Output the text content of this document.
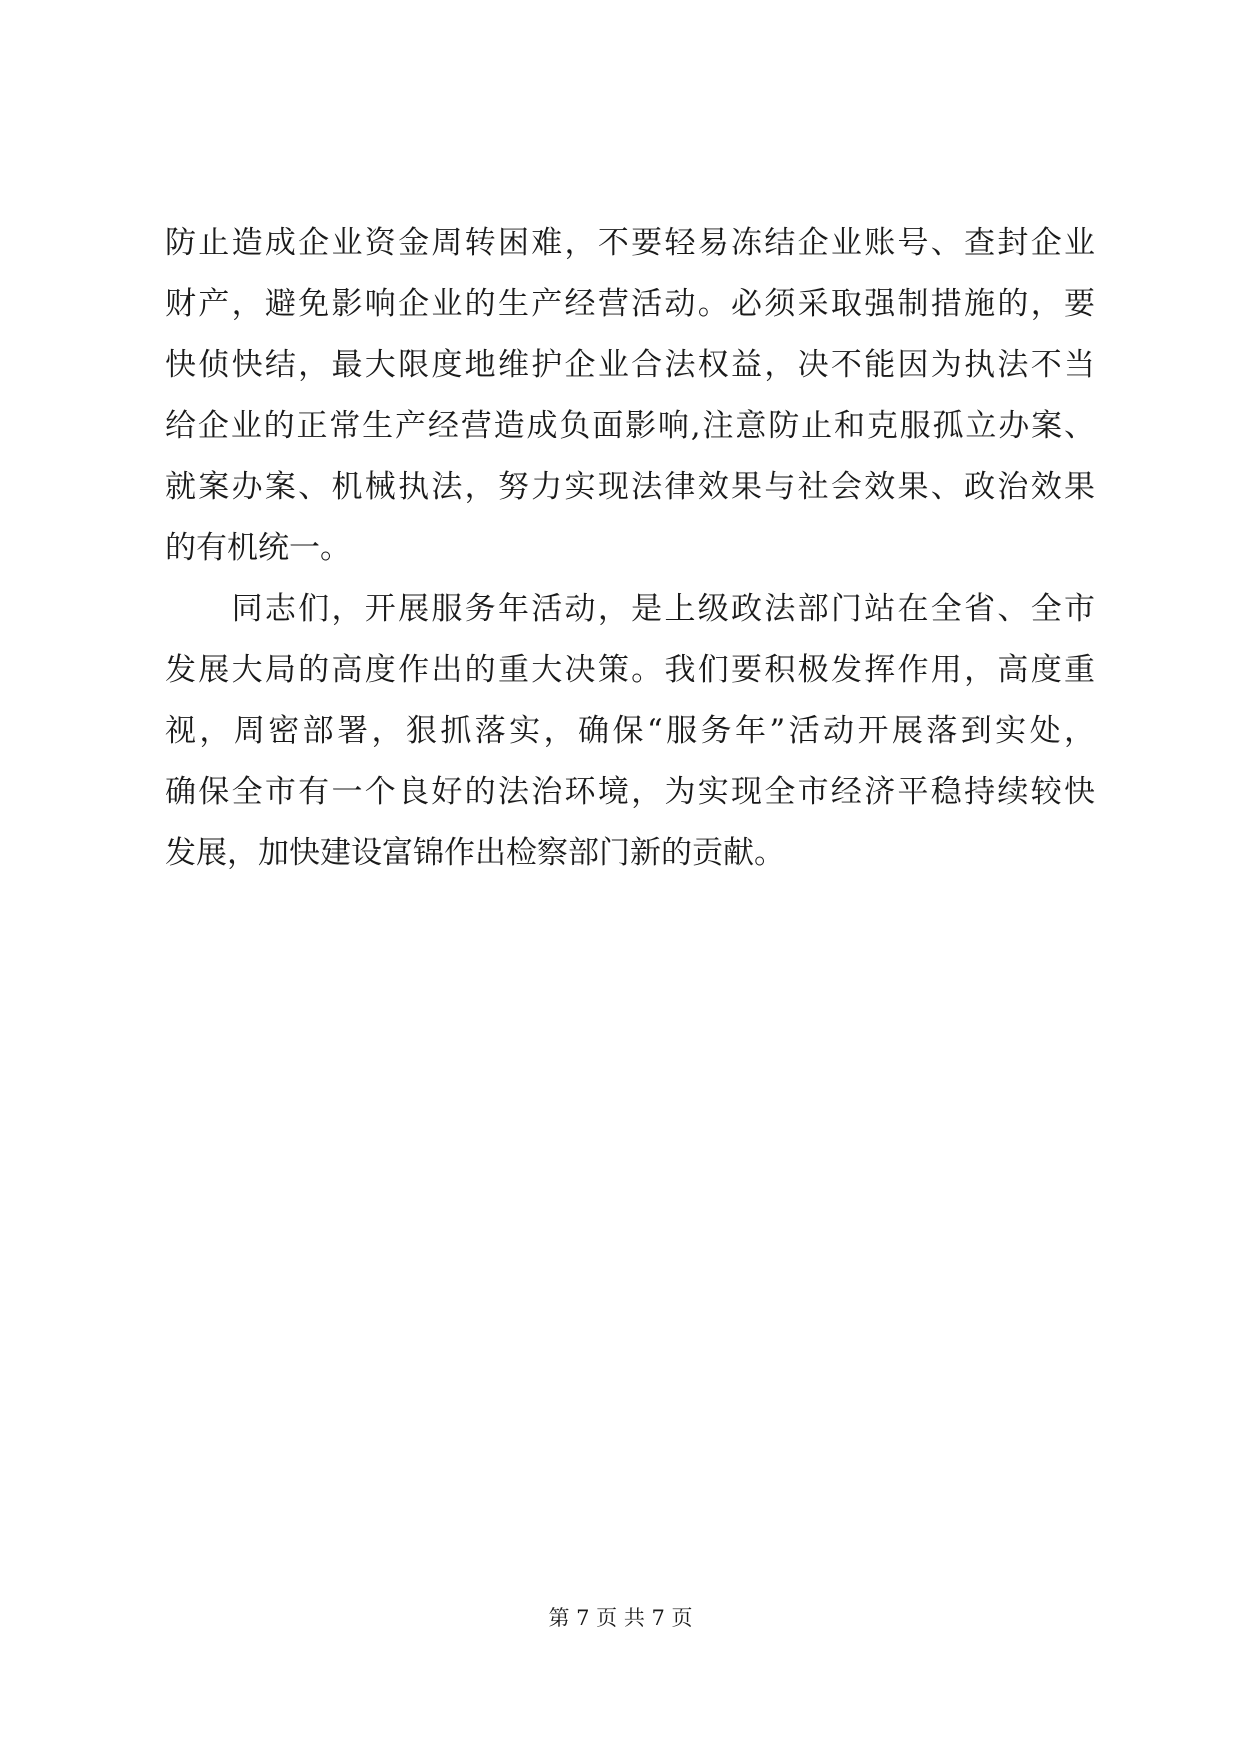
防止造成企业资金周转困难，不要轻易冻结企业账号、查封企业
财产，避免影响企业的生产经营活动。必须采取强制措施的，要
快侦快结，最大限度地维护企业合法权益，决不能因为执法不当
给企业的正常生产经营造成负面影响,注意防止和克服孤立办案、
就案办案、机械执法，努力实现法律效果与社会效果、政治效果
的有机统一。
　　同志们，开展服务年活动，是上级政法部门站在全省、全市
发展大局的高度作出的重大决策。我们要积极发挥作用，高度重
视，周密部署，狠抓落实，确保“服务年”活动开展落到实处，
确保全市有一个良好的法治环境，为实现全市经济平稳持续较快
发展，加快建设富锦作出检察部门新的贡献。
第 7 页 共 7 页
